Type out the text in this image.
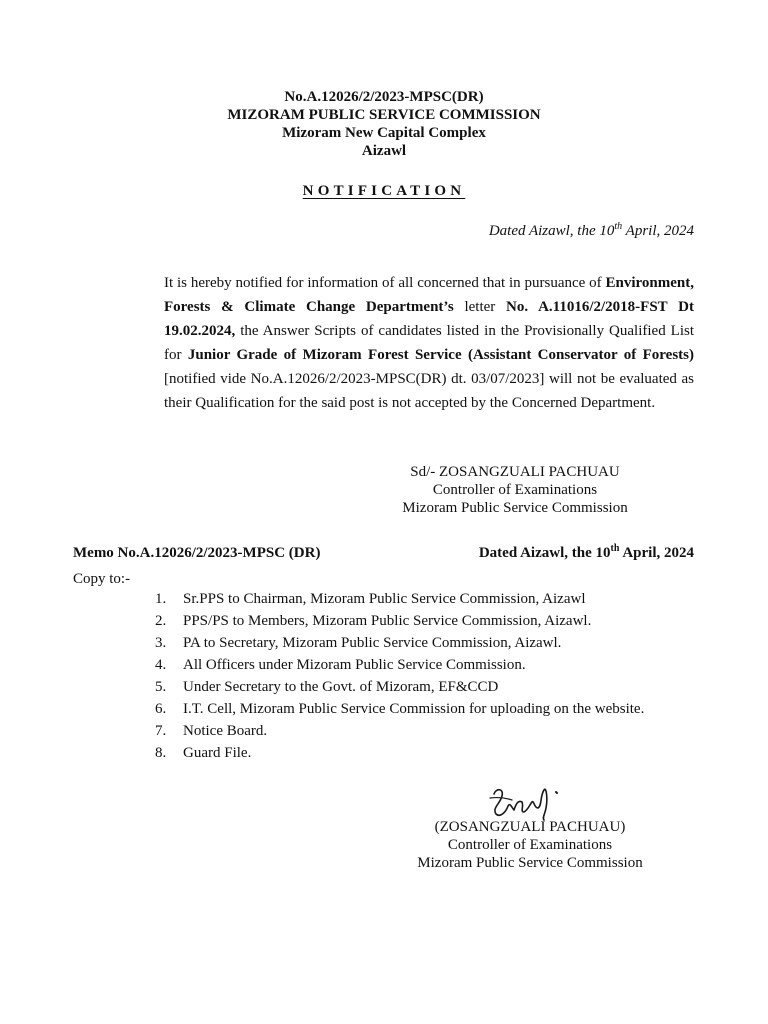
No.A.12026/2/2023-MPSC(DR)
MIZORAM PUBLIC SERVICE COMMISSION
Mizoram New Capital Complex
Aizawl
NOTIFICATION
Dated Aizawl, the 10th April, 2024

It is hereby notified for information of all concerned that in pursuance of Environment, Forests & Climate Change Department’s letter No. A.11016/2/2018-FST Dt 19.02.2024, the Answer Scripts of candidates listed in the Provisionally Qualified List for Junior Grade of Mizoram Forest Service (Assistant Conservator of Forests) [notified vide No.A.12026/2/2023-MPSC(DR) dt. 03/07/2023] will not be evaluated as their Qualification for the said post is not accepted by the Concerned Department.

Sd/- ZOSANGZUALI PACHUAU
Controller of Examinations
Mizoram Public Service Commission
Memo No.A.12026/2/2023-MPSC (DR)	Dated Aizawl, the 10th April, 2024
Copy to:-
1.	Sr.PPS to Chairman, Mizoram Public Service Commission, Aizawl
2.	PPS/PS to Members, Mizoram Public Service Commission, Aizawl.
3.	PA to Secretary, Mizoram Public Service Commission, Aizawl.
4.	All Officers under Mizoram Public Service Commission.
5.	Under Secretary to the Govt. of Mizoram, EF&CCD
6.	I.T. Cell, Mizoram Public Service Commission for uploading on the website.
7.	Notice Board.
8.	Guard File.
(ZOSANGZUALI PACHUAU)
Controller of Examinations
Mizoram Public Service Commission
